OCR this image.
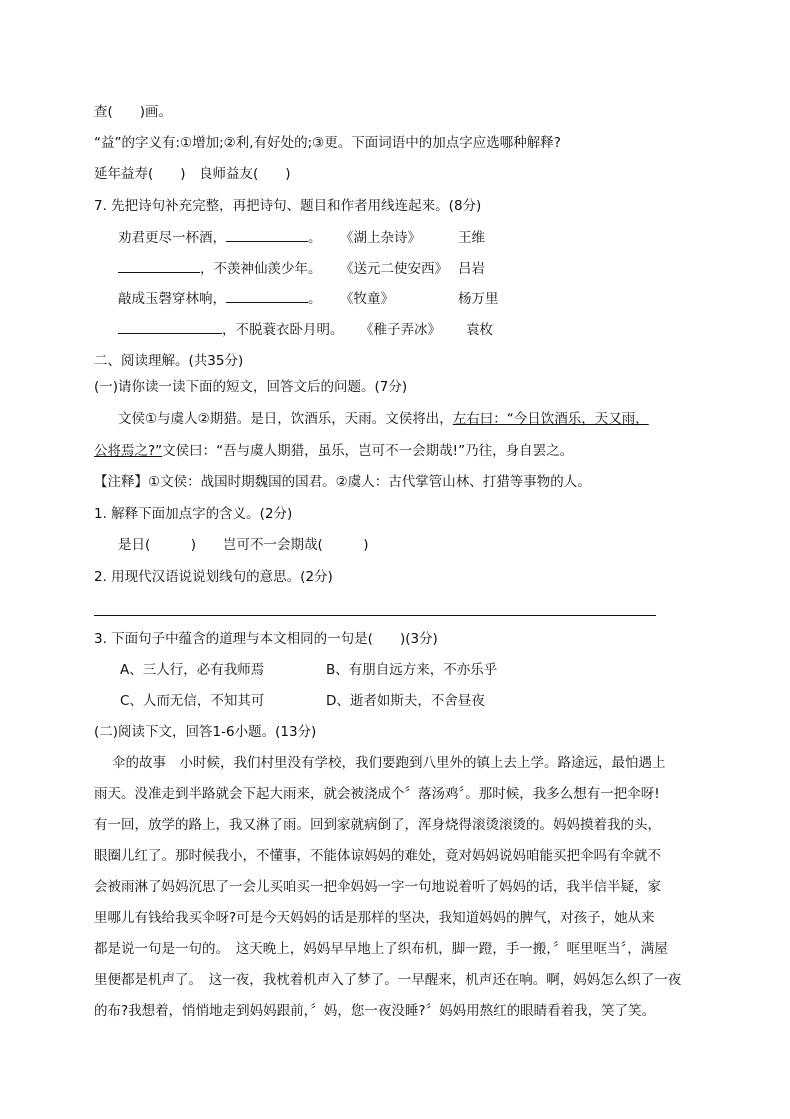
查(　　)画。
“益”的字义有:①增加;②利,有好处的;③更。下面词语中的加点字应选哪种解释?
延年益寿(　　)　良师益友(　　)
7. 先把诗句补充完整，再把诗句、题目和作者用线连起来。(8分)
劝君更尽一杯酒，	。 《湖上杂诗》	王维
，不羡神仙羡少年。 《送元二使安西》 吕岩
敲成玉磬穿林响，	。 《牧童》	杨万里
，不脱蓑衣卧月明。 《稚子弄冰》 袁枚
二、阅读理解。(共35分)
(一)请你读一读下面的短文，回答文后的问题。(7分)
文侯①与虞人②期猎。是日，饮酒乐，天雨。文侯将出，左右曰：“今日饮酒乐，天又雨，
公将焉之?”文侯曰：“吾与虞人期猎，虽乐，岂可不一会期哉!”乃往，身自罢之。
【注释】①文侯：战国时期魏国的国君。②虞人：古代掌管山林、打猎等事物的人。
1. 解释下面加点字的含义。(2分)
是日(　　　)　　岂可不一会期哉(　　　)
2. 用现代汉语说说划线句的意思。(2分)
3. 下面句子中蕴含的道理与本文相同的一句是(　　)(3分)
A、三人行，必有我师焉	B、有朋自远方来，不亦乐乎
C、人而无信，不知其可	D、逝者如斯夫，不舍昼夜
(二)阅读下文，回答1-6小题。(13分)
伞的故事　小时候，我们村里没有学校，我们要跑到八里外的镇上去上学。路途远，最怕遇上
雨天。没准走到半路就会下起大雨来，就会被浇成个〞落汤鸡〞。那时候，我多么想有一把伞呀!
有一回，放学的路上，我又淋了雨。回到家就病倒了，浑身烧得滚烫滚烫的。妈妈摸着我的头，
眼圈儿红了。那时候我小，不懂事，不能体谅妈妈的难处，竟对妈妈说妈咱能买把伞吗有伞就不
会被雨淋了妈妈沉思了一会儿买咱买一把伞妈妈一字一句地说着听了妈妈的话，我半信半疑，家
里哪儿有钱给我买伞呀?可是今天妈妈的话是那样的坚决，我知道妈妈的脾气，对孩子，她从来
都是说一句是一句的。　这天晚上，妈妈早早地上了织布机，脚一蹬，手一搬，〞哐里哐当〞，满屋
里便都是机声了。　这一夜，我枕着机声入了梦了。一早醒来，机声还在响。啊，妈妈怎么织了一夜
的布?我想着，悄悄地走到妈妈跟前，〞妈，您一夜没睡?〞妈妈用熬红的眼睛看着我，笑了笑。
